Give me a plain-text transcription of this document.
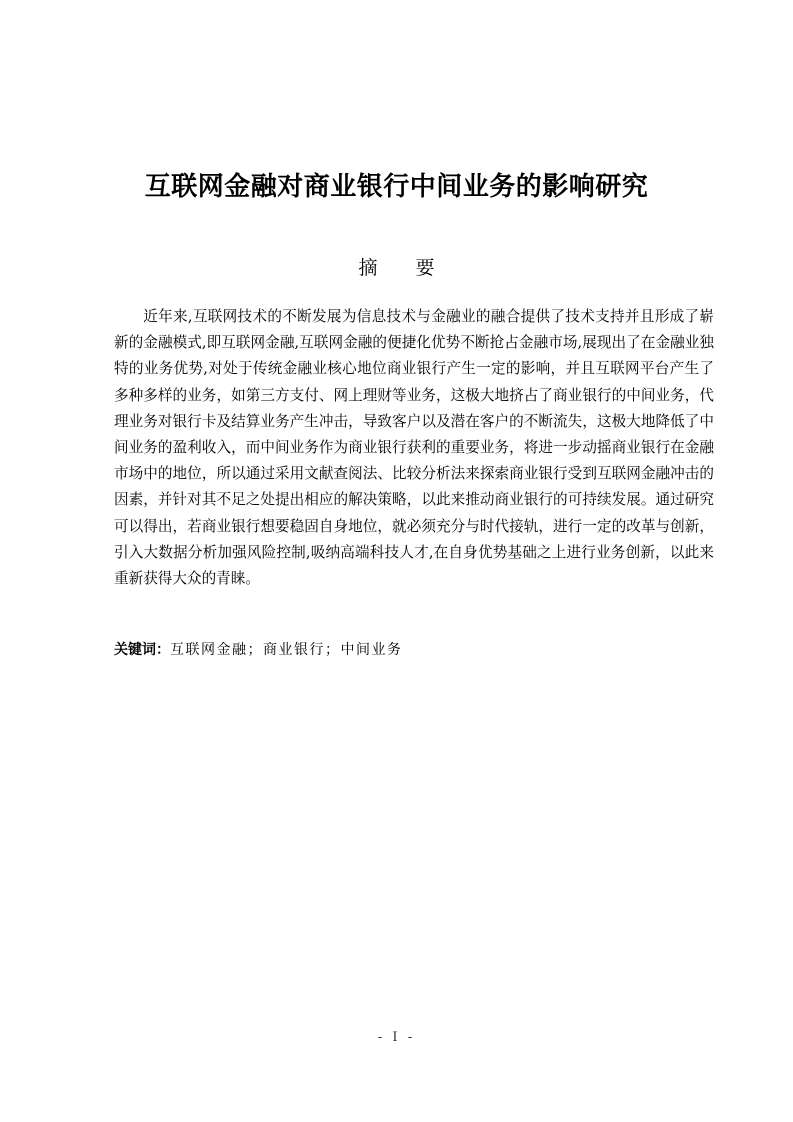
互联网金融对商业银行中间业务的影响研究
摘　　要

近年来,互联网技术的不断发展为信息技术与金融业的融合提供了技术支持并且形成了崭新的金融模式,即互联网金融,互联网金融的便捷化优势不断抢占金融市场,展现出了在金融业独特的业务优势,对处于传统金融业核心地位商业银行产生一定的影响，并且互联网平台产生了多种多样的业务，如第三方支付、网上理财等业务，这极大地挤占了商业银行的中间业务，代理业务对银行卡及结算业务产生冲击，导致客户以及潜在客户的不断流失，这极大地降低了中间业务的盈利收入，而中间业务作为商业银行获利的重要业务，将进一步动摇商业银行在金融市场中的地位，所以通过采用文献查阅法、比较分析法来探索商业银行受到互联网金融冲击的因素，并针对其不足之处提出相应的解决策略，以此来推动商业银行的可持续发展。通过研究可以得出，若商业银行想要稳固自身地位，就必须充分与时代接轨，进行一定的改革与创新，引入大数据分析加强风险控制,吸纳高端科技人才,在自身优势基础之上进行业务创新，以此来重新获得大众的青睐。

关键词：互联网金融；商业银行；中间业务
- I -
